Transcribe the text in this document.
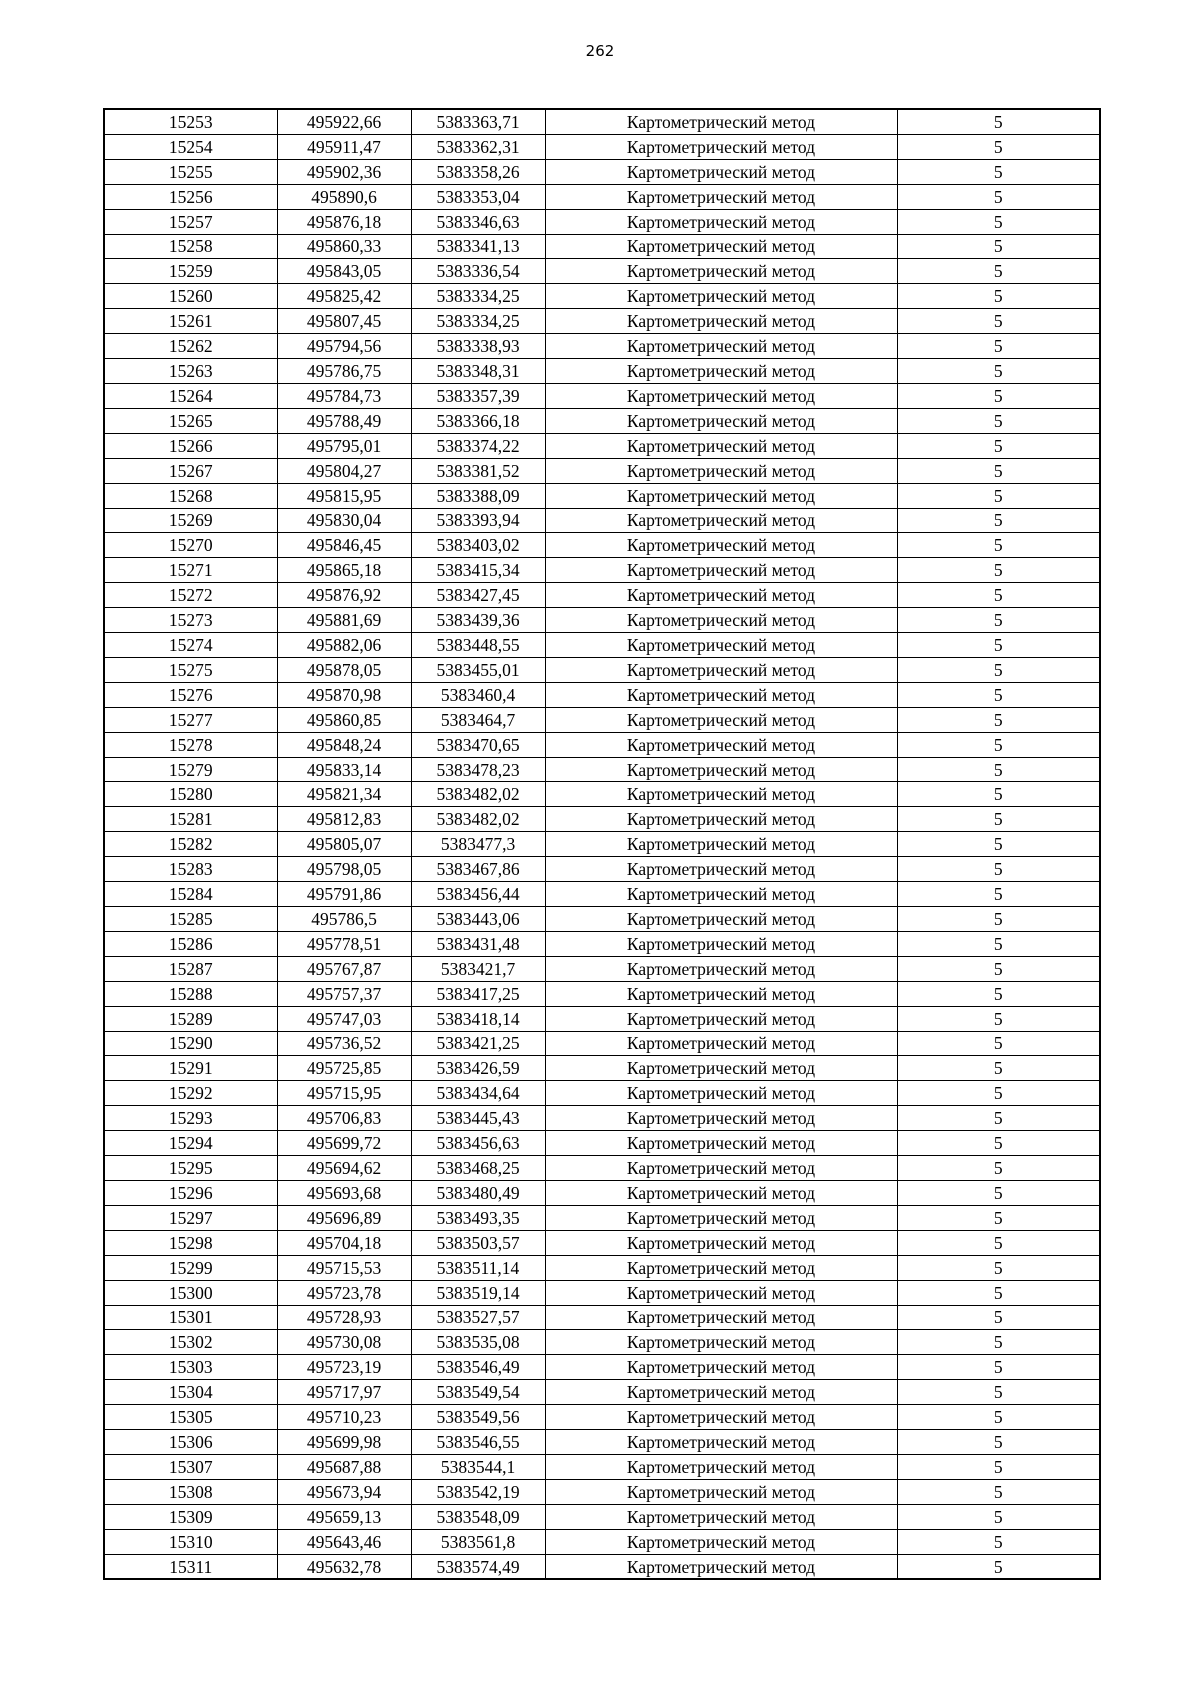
262
15253	495922,66	5383363,71	Картометрический метод	5
15254	495911,47	5383362,31	Картометрический метод	5
15255	495902,36	5383358,26	Картометрический метод	5
15256	495890,6	5383353,04	Картометрический метод	5
15257	495876,18	5383346,63	Картометрический метод	5
15258	495860,33	5383341,13	Картометрический метод	5
15259	495843,05	5383336,54	Картометрический метод	5
15260	495825,42	5383334,25	Картометрический метод	5
15261	495807,45	5383334,25	Картометрический метод	5
15262	495794,56	5383338,93	Картометрический метод	5
15263	495786,75	5383348,31	Картометрический метод	5
15264	495784,73	5383357,39	Картометрический метод	5
15265	495788,49	5383366,18	Картометрический метод	5
15266	495795,01	5383374,22	Картометрический метод	5
15267	495804,27	5383381,52	Картометрический метод	5
15268	495815,95	5383388,09	Картометрический метод	5
15269	495830,04	5383393,94	Картометрический метод	5
15270	495846,45	5383403,02	Картометрический метод	5
15271	495865,18	5383415,34	Картометрический метод	5
15272	495876,92	5383427,45	Картометрический метод	5
15273	495881,69	5383439,36	Картометрический метод	5
15274	495882,06	5383448,55	Картометрический метод	5
15275	495878,05	5383455,01	Картометрический метод	5
15276	495870,98	5383460,4	Картометрический метод	5
15277	495860,85	5383464,7	Картометрический метод	5
15278	495848,24	5383470,65	Картометрический метод	5
15279	495833,14	5383478,23	Картометрический метод	5
15280	495821,34	5383482,02	Картометрический метод	5
15281	495812,83	5383482,02	Картометрический метод	5
15282	495805,07	5383477,3	Картометрический метод	5
15283	495798,05	5383467,86	Картометрический метод	5
15284	495791,86	5383456,44	Картометрический метод	5
15285	495786,5	5383443,06	Картометрический метод	5
15286	495778,51	5383431,48	Картометрический метод	5
15287	495767,87	5383421,7	Картометрический метод	5
15288	495757,37	5383417,25	Картометрический метод	5
15289	495747,03	5383418,14	Картометрический метод	5
15290	495736,52	5383421,25	Картометрический метод	5
15291	495725,85	5383426,59	Картометрический метод	5
15292	495715,95	5383434,64	Картометрический метод	5
15293	495706,83	5383445,43	Картометрический метод	5
15294	495699,72	5383456,63	Картометрический метод	5
15295	495694,62	5383468,25	Картометрический метод	5
15296	495693,68	5383480,49	Картометрический метод	5
15297	495696,89	5383493,35	Картометрический метод	5
15298	495704,18	5383503,57	Картометрический метод	5
15299	495715,53	5383511,14	Картометрический метод	5
15300	495723,78	5383519,14	Картометрический метод	5
15301	495728,93	5383527,57	Картометрический метод	5
15302	495730,08	5383535,08	Картометрический метод	5
15303	495723,19	5383546,49	Картометрический метод	5
15304	495717,97	5383549,54	Картометрический метод	5
15305	495710,23	5383549,56	Картометрический метод	5
15306	495699,98	5383546,55	Картометрический метод	5
15307	495687,88	5383544,1	Картометрический метод	5
15308	495673,94	5383542,19	Картометрический метод	5
15309	495659,13	5383548,09	Картометрический метод	5
15310	495643,46	5383561,8	Картометрический метод	5
15311	495632,78	5383574,49	Картометрический метод	5
